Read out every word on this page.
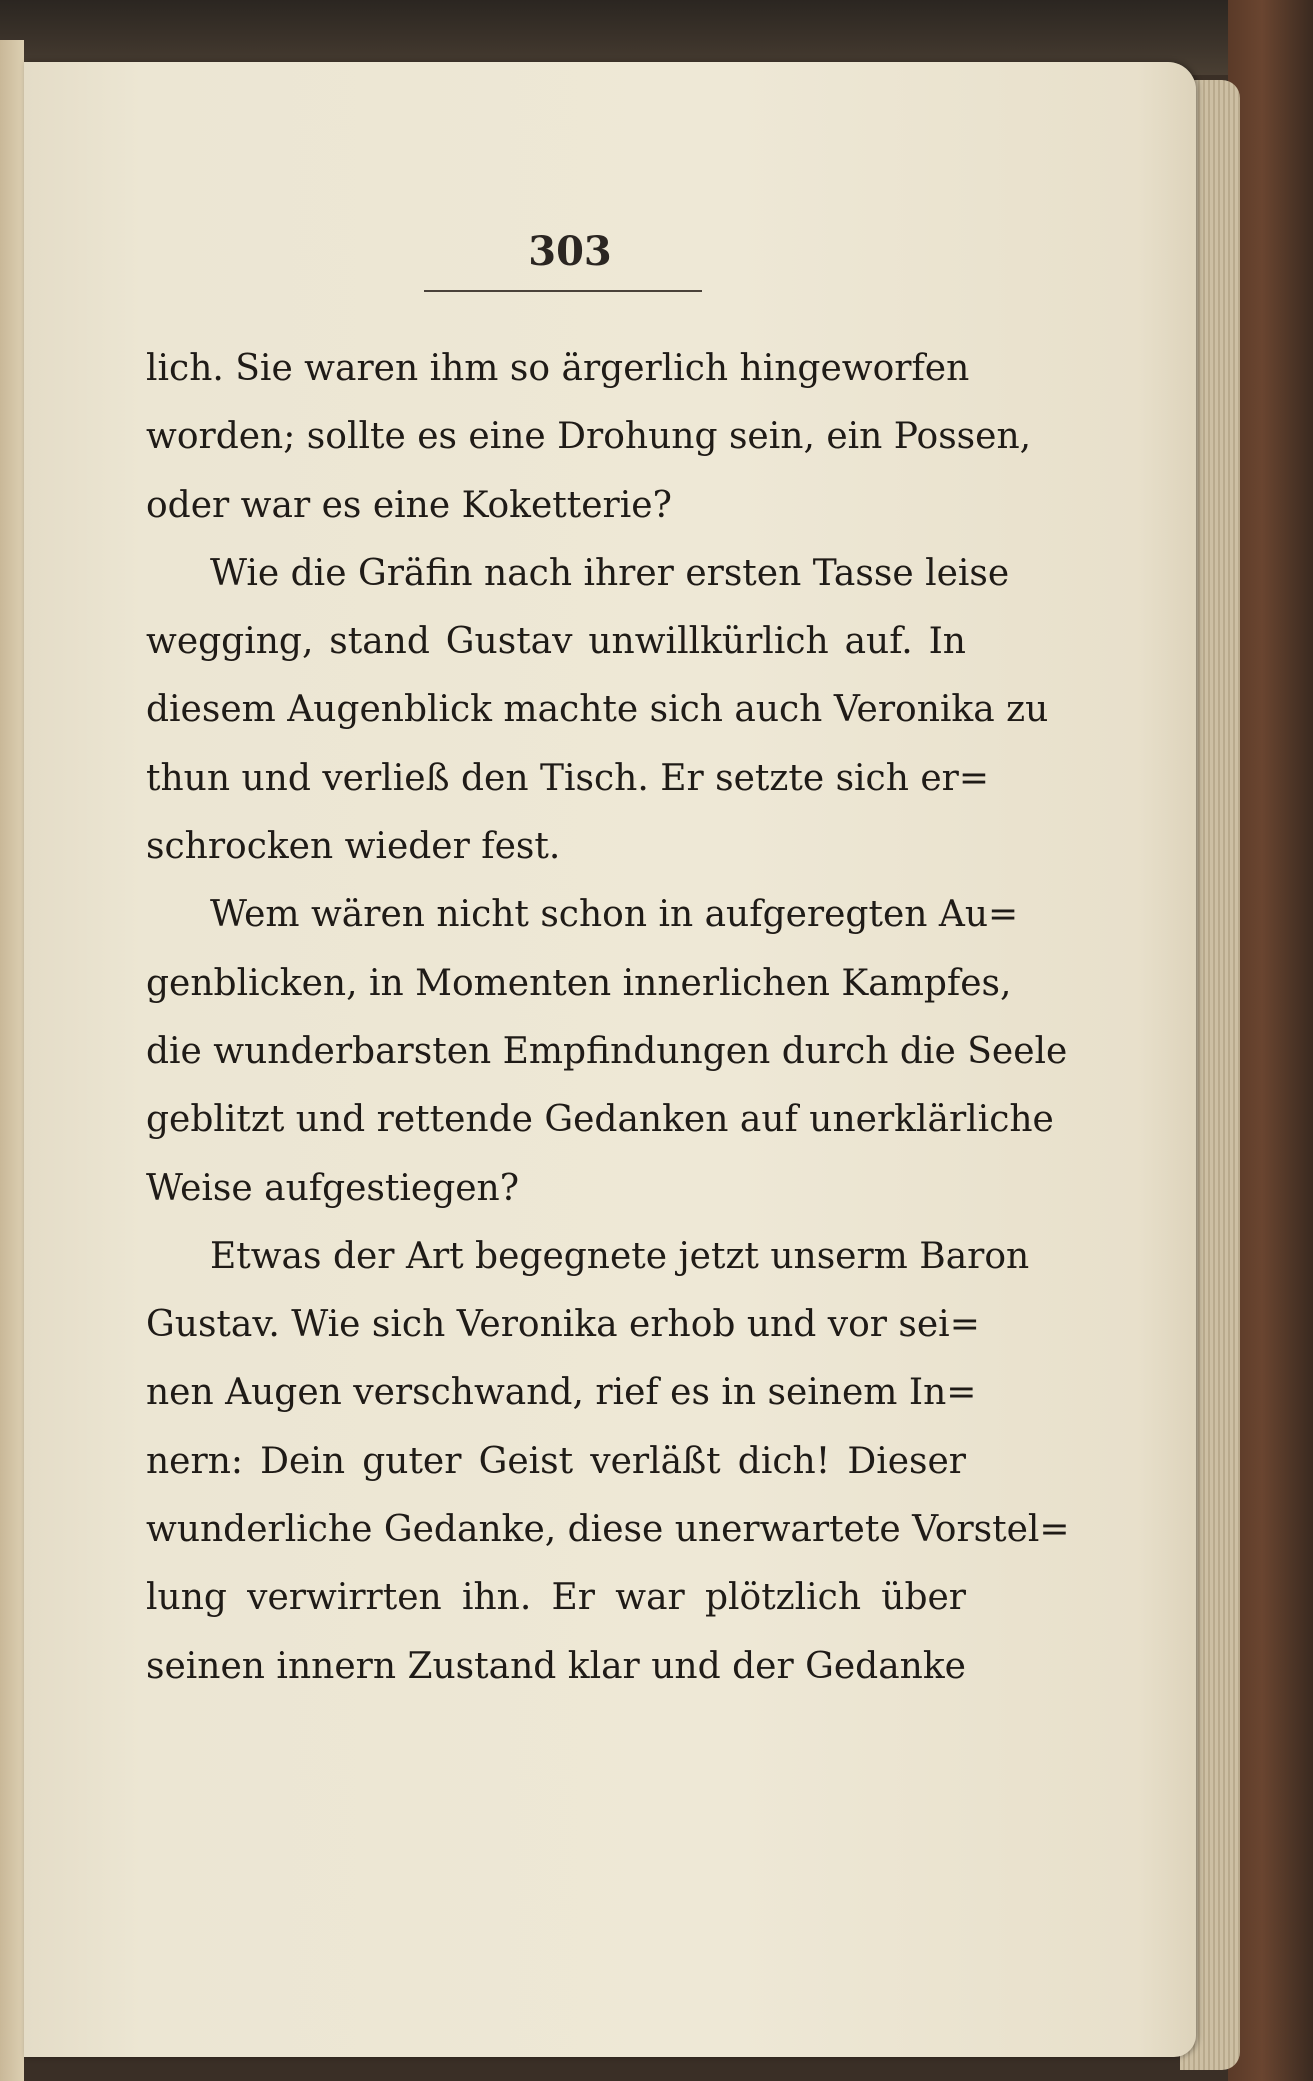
303
lich. Sie waren ihm so ärgerlich hingeworfen
worden; sollte es eine Drohung sein, ein Possen,
oder war es eine Koketterie?
Wie die Gräfin nach ihrer ersten Tasse leise
wegging, stand Gustav unwillkürlich auf. In
diesem Augenblick machte sich auch Veronika zu
thun und verließ den Tisch. Er setzte sich er=
schrocken wieder fest.
Wem wären nicht schon in aufgeregten Au=
genblicken, in Momenten innerlichen Kampfes,
die wunderbarsten Empfindungen durch die Seele
geblitzt und rettende Gedanken auf unerklärliche
Weise aufgestiegen?
Etwas der Art begegnete jetzt unserm Baron
Gustav. Wie sich Veronika erhob und vor sei=
nen Augen verschwand, rief es in seinem In=
nern: Dein guter Geist verläßt dich! Dieser
wunderliche Gedanke, diese unerwartete Vorstel=
lung verwirrten ihn. Er war plötzlich über
seinen innern Zustand klar und der Gedanke
